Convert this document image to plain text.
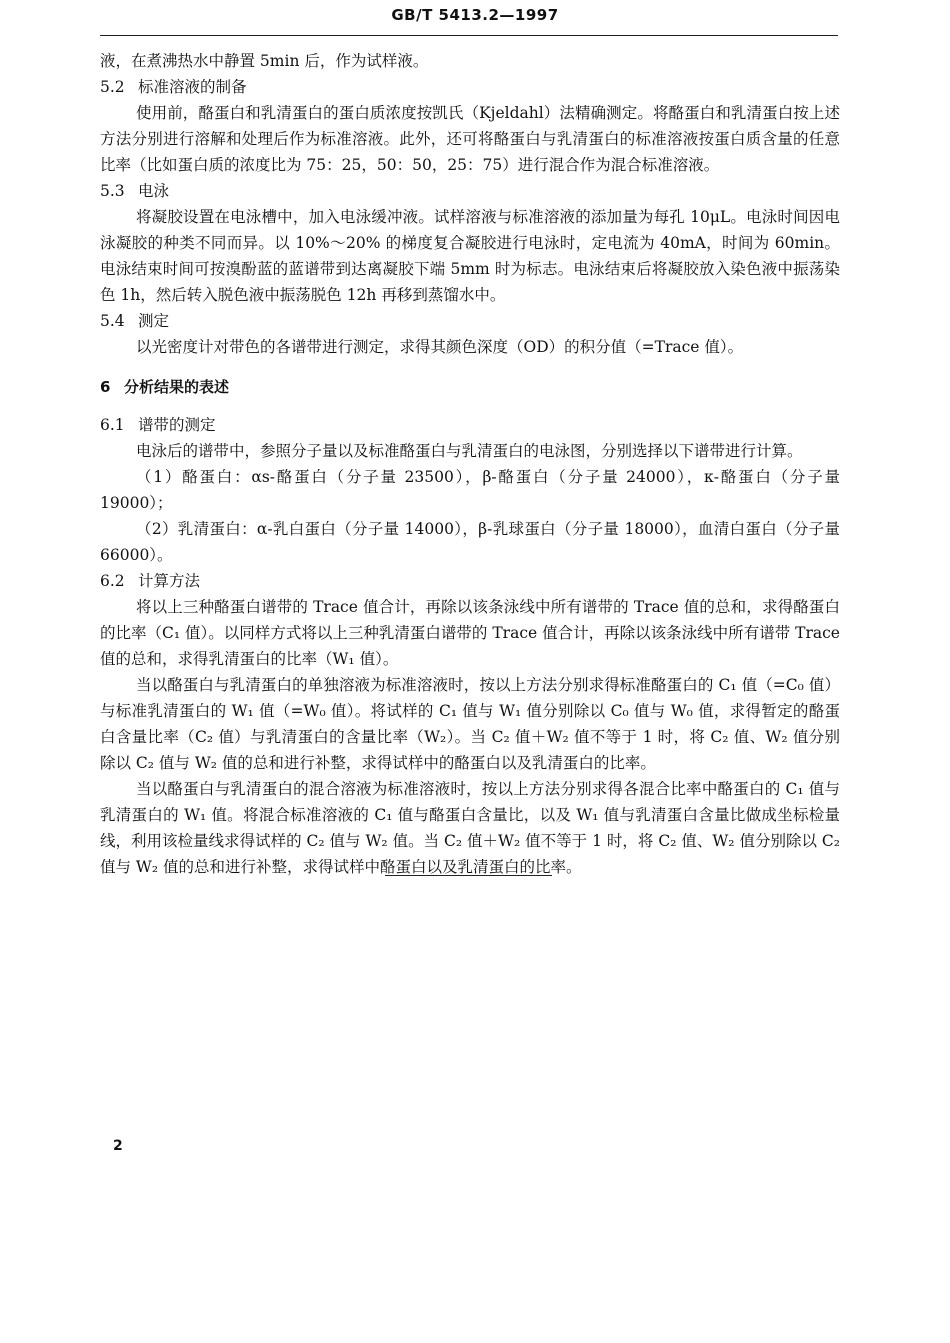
GB/T 5413.2—1997

液，在煮沸热水中静置 5min 后，作为试样液。

5.2 标准溶液的制备

使用前，酪蛋白和乳清蛋白的蛋白质浓度按凯氏（Kjeldahl）法精确测定。将酪蛋白和乳清蛋白按上述方法分别进行溶解和处理后作为标准溶液。此外，还可将酪蛋白与乳清蛋白的标准溶液按蛋白质含量的任意比率（比如蛋白质的浓度比为 75：25，50：50，25：75）进行混合作为混合标准溶液。

5.3 电泳

将凝胶设置在电泳槽中，加入电泳缓冲液。试样溶液与标准溶液的添加量为每孔 10μL。电泳时间因电泳凝胶的种类不同而异。以 10%～20% 的梯度复合凝胶进行电泳时，定电流为 40mA，时间为 60min。电泳结束时间可按溴酚蓝的蓝谱带到达离凝胶下端 5mm 时为标志。电泳结束后将凝胶放入染色液中振荡染色 1h，然后转入脱色液中振荡脱色 12h 再移到蒸馏水中。

5.4 测定

以光密度计对带色的各谱带进行测定，求得其颜色深度（OD）的积分值（=Trace 值）。

6 分析结果的表述

6.1 谱带的测定

电泳后的谱带中，参照分子量以及标准酪蛋白与乳清蛋白的电泳图，分别选择以下谱带进行计算。

（1）酪蛋白：αs-酪蛋白（分子量 23500），β-酪蛋白（分子量 24000），κ-酪蛋白（分子量 19000）；

（2）乳清蛋白：α-乳白蛋白（分子量 14000），β-乳球蛋白（分子量 18000），血清白蛋白（分子量 66000）。

6.2 计算方法

将以上三种酪蛋白谱带的 Trace 值合计，再除以该条泳线中所有谱带的 Trace 值的总和，求得酪蛋白的比率（C₁ 值）。以同样方式将以上三种乳清蛋白谱带的 Trace 值合计，再除以该条泳线中所有谱带 Trace 值的总和，求得乳清蛋白的比率（W₁ 值）。

当以酪蛋白与乳清蛋白的单独溶液为标准溶液时，按以上方法分别求得标准酪蛋白的 C₁ 值（=C₀ 值）与标准乳清蛋白的 W₁ 值（=W₀ 值）。将试样的 C₁ 值与 W₁ 值分别除以 C₀ 值与 W₀ 值，求得暂定的酪蛋白含量比率（C₂ 值）与乳清蛋白的含量比率（W₂）。当 C₂ 值＋W₂ 值不等于 1 时，将 C₂ 值、W₂ 值分别除以 C₂ 值与 W₂ 值的总和进行补整，求得试样中的酪蛋白以及乳清蛋白的比率。

当以酪蛋白与乳清蛋白的混合溶液为标准溶液时，按以上方法分别求得各混合比率中酪蛋白的 C₁ 值与乳清蛋白的 W₁ 值。将混合标准溶液的 C₁ 值与酪蛋白含量比，以及 W₁ 值与乳清蛋白含量比做成坐标检量线，利用该检量线求得试样的 C₂ 值与 W₂ 值。当 C₂ 值＋W₂ 值不等于 1 时，将 C₂ 值、W₂ 值分别除以 C₂ 值与 W₂ 值的总和进行补整，求得试样中酪蛋白以及乳清蛋白的比率。

2
